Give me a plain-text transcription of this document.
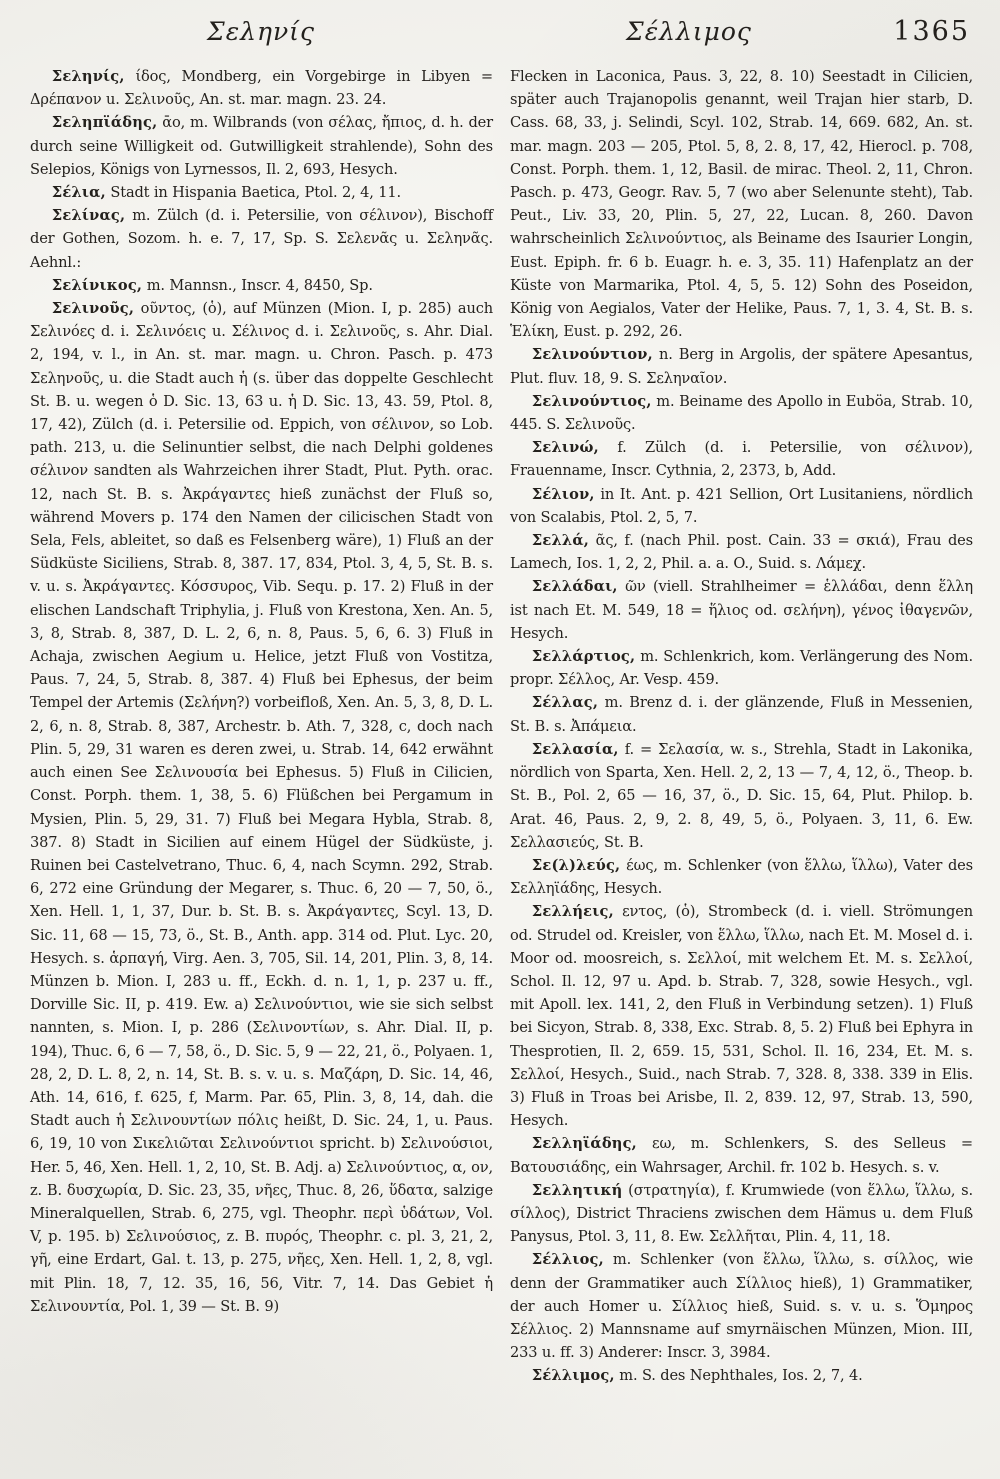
Σεληνίς	Σέλλιμος	1365

Σεληνίς, ίδος, Mondberg, ein Vorgebirge in Libyen = Δρέπανον u. Σελινοῦς, An. st. mar. magn. 23. 24.

Σεληπϊάδης, ᾱο, m. Wilbrands (von σέλας, ἤπιος, d. h. der durch seine Willigkeit od. Gutwilligkeit strahlende), Sohn des Selepios, Königs von Lyrnessos, Il. 2, 693, Hesych.

Σέλια, Stadt in Hispania Baetica, Ptol. 2, 4, 11.

Σελίνας, m. Zülch (d. i. Petersilie, von σέλινον), Bischoff der Gothen, Sozom. h. e. 7, 17, Sp. S. Σελενᾶς u. Σεληνᾶς. Aehnl.:

Σελίνικος, m. Mannsn., Inscr. 4, 8450, Sp.

Σελινοῦς, οῦντος, (ὁ), auf Münzen (Mion. I, p. 285) auch Σελινόες d. i. Σελινόεις u. Σέλινος d. i. Σελινοῦς, s. Ahr. Dial. 2, 194, v. l., in An. st. mar. magn. u. Chron. Pasch. p. 473 Σεληνοῦς, u. die Stadt auch ἡ (s. über das doppelte Geschlecht St. B. u. wegen ὁ D. Sic. 13, 63 u. ἡ D. Sic. 13, 43. 59, Ptol. 8, 17, 42), Zülch (d. i. Petersilie od. Eppich, von σέλινον, so Lob. path. 213, u. die Selinuntier selbst, die nach Delphi goldenes σέλινον sandten als Wahrzeichen ihrer Stadt, Plut. Pyth. orac. 12, nach St. B. s. Ἀκράγαντες hieß zunächst der Fluß so, während Movers p. 174 den Namen der cilicischen Stadt von Sela, Fels, ableitet, so daß es Felsenberg wäre), 1) Fluß an der Südküste Siciliens, Strab. 8, 387. 17, 834, Ptol. 3, 4, 5, St. B. s. v. u. s. Ἀκράγαντες. Κόσσυρος, Vib. Sequ. p. 17. 2) Fluß in der elischen Landschaft Triphylia, j. Fluß von Krestona, Xen. An. 5, 3, 8, Strab. 8, 387, D. L. 2, 6, n. 8, Paus. 5, 6, 6. 3) Fluß in Achaja, zwischen Aegium u. Helice, jetzt Fluß von Vostitza, Paus. 7, 24, 5, Strab. 8, 387. 4) Fluß bei Ephesus, der beim Tempel der Artemis (Σελήνη?) vorbeifloß, Xen. An. 5, 3, 8, D. L. 2, 6, n. 8, Strab. 8, 387, Archestr. b. Ath. 7, 328, c, doch nach Plin. 5, 29, 31 waren es deren zwei, u. Strab. 14, 642 erwähnt auch einen See Σελινουσία bei Ephesus. 5) Fluß in Cilicien, Const. Porph. them. 1, 38, 5. 6) Flüßchen bei Pergamum in Mysien, Plin. 5, 29, 31. 7) Fluß bei Megara Hybla, Strab. 8, 387. 8) Stadt in Sicilien auf einem Hügel der Südküste, j. Ruinen bei Castelvetrano, Thuc. 6, 4, nach Scymn. 292, Strab. 6, 272 eine Gründung der Megarer, s. Thuc. 6, 20 — 7, 50, ö., Xen. Hell. 1, 1, 37, Dur. b. St. B. s. Ἀκράγαντες, Scyl. 13, D. Sic. 11, 68 — 15, 73, ö., St. B., Anth. app. 314 od. Plut. Lyc. 20, Hesych. s. ἁρπαγή, Virg. Aen. 3, 705, Sil. 14, 201, Plin. 3, 8, 14. Münzen b. Mion. I, 283 u. ff., Eckh. d. n. 1, 1, p. 237 u. ff., Dorville Sic. II, p. 419. Ew. a) Σελινούντιοι, wie sie sich selbst nannten, s. Mion. I, p. 286 (Σελινοντίων, s. Ahr. Dial. II, p. 194), Thuc. 6, 6 — 7, 58, ö., D. Sic. 5, 9 — 22, 21, ö., Polyaen. 1, 28, 2, D. L. 8, 2, n. 14, St. B. s. v. u. s. Μαζάρη, D. Sic. 14, 46, Ath. 14, 616, f. 625, f, Marm. Par. 65, Plin. 3, 8, 14, dah. die Stadt auch ἡ Σελινουντίων πόλις heißt, D. Sic. 24, 1, u. Paus. 6, 19, 10 von Σικελιῶται Σελινούντιοι spricht. b) Σελινούσιοι, Her. 5, 46, Xen. Hell. 1, 2, 10, St. B. Adj. a) Σελινούντιος, α, ον, z. B. δυσχωρία, D. Sic. 23, 35, νῆες, Thuc. 8, 26, ὕδατα, salzige Mineralquellen, Strab. 6, 275, vgl. Theophr. περὶ ὑδάτων, Vol. V, p. 195. b) Σελινούσιος, z. B. πυρός, Theophr. c. pl. 3, 21, 2, γῆ, eine Erdart, Gal. t. 13, p. 275, νῆες, Xen. Hell. 1, 2, 8, vgl. mit Plin. 18, 7, 12. 35, 16, 56, Vitr. 7, 14. Das Gebiet ἡ Σελινουντία, Pol. 1, 39 — St. B. 9)

Flecken in Laconica, Paus. 3, 22, 8. 10) Seestadt in Cilicien, später auch Trajanopolis genannt, weil Trajan hier starb, D. Cass. 68, 33, j. Selindi, Scyl. 102, Strab. 14, 669. 682, An. st. mar. magn. 203 — 205, Ptol. 5, 8, 2. 8, 17, 42, Hierocl. p. 708, Const. Porph. them. 1, 12, Basil. de mirac. Theol. 2, 11, Chron. Pasch. p. 473, Geogr. Rav. 5, 7 (wo aber Selenunte steht), Tab. Peut., Liv. 33, 20, Plin. 5, 27, 22, Lucan. 8, 260. Davon wahrscheinlich Σελινούντιος, als Beiname des Isaurier Longin, Eust. Epiph. fr. 6 b. Euagr. h. e. 3, 35. 11) Hafenplatz an der Küste von Marmarika, Ptol. 4, 5, 5. 12) Sohn des Poseidon, König von Aegialos, Vater der Helike, Paus. 7, 1, 3. 4, St. B. s. Ἑλίκη, Eust. p. 292, 26.

Σελινούντιον, n. Berg in Argolis, der spätere Apesantus, Plut. fluv. 18, 9. S. Σεληναῖον.

Σελινούντιος, m. Beiname des Apollo in Euböa, Strab. 10, 445. S. Σελινοῦς.

Σελινώ, f. Zülch (d. i. Petersilie, von σέλινον), Frauenname, Inscr. Cythnia, 2, 2373, b, Add.

Σέλιον, in It. Ant. p. 421 Sellion, Ort Lusitaniens, nördlich von Scalabis, Ptol. 2, 5, 7.

Σελλά, ᾶς, f. (nach Phil. post. Cain. 33 = σκιά), Frau des Lamech, Ios. 1, 2, 2, Phil. a. a. O., Suid. s. Λάμεχ.

Σελλάδαι, ῶν (viell. Strahlheimer = ἑλλάδαι, denn ἕλλη ist nach Et. M. 549, 18 = ἥλιος od. σελήνη), γένος ἰθαγενῶν, Hesych.

Σελλάρτιος, m. Schlenkrich, kom. Verlängerung des Nom. propr. Σέλλος, Ar. Vesp. 459.

Σέλλας, m. Brenz d. i. der glänzende, Fluß in Messenien, St. B. s. Ἀπάμεια.

Σελλασία, f. = Σελασία, w. s., Strehla, Stadt in Lakonika, nördlich von Sparta, Xen. Hell. 2, 2, 13 — 7, 4, 12, ö., Theop. b. St. B., Pol. 2, 65 — 16, 37, ö., D. Sic. 15, 64, Plut. Philop. b. Arat. 46, Paus. 2, 9, 2. 8, 49, 5, ö., Polyaen. 3, 11, 6. Ew. Σελλασιεύς, St. B.

Σε(λ)λεύς, έως, m. Schlenker (von ἕλλω, ἵλλω), Vater des Σελληϊάδης, Hesych.

Σελλήεις, εντος, (ὁ), Strombeck (d. i. viell. Strömungen od. Strudel od. Kreisler, von ἕλλω, ἵλλω, nach Et. M. Mosel d. i. Moor od. moosreich, s. Σελλοί, mit welchem Et. M. s. Σελλοί, Schol. Il. 12, 97 u. Apd. b. Strab. 7, 328, sowie Hesych., vgl. mit Apoll. lex. 141, 2, den Fluß in Verbindung setzen). 1) Fluß bei Sicyon, Strab. 8, 338, Exc. Strab. 8, 5. 2) Fluß bei Ephyra in Thesprotien, Il. 2, 659. 15, 531, Schol. Il. 16, 234, Et. M. s. Σελλοί, Hesych., Suid., nach Strab. 7, 328. 8, 338. 339 in Elis. 3) Fluß in Troas bei Arisbe, Il. 2, 839. 12, 97, Strab. 13, 590, Hesych.

Σελληϊάδης, εω, m. Schlenkers, S. des Selleus = Βατουσιάδης, ein Wahrsager, Archil. fr. 102 b. Hesych. s. v.

Σελλητική (στρατηγία), f. Krumwiede (von ἕλλω, ἵλλω, s. σίλλος), District Thraciens zwischen dem Hämus u. dem Fluß Panysus, Ptol. 3, 11, 8. Ew. Σελλῆται, Plin. 4, 11, 18.

Σέλλιος, m. Schlenker (von ἕλλω, ἵλλω, s. σίλλος, wie denn der Grammatiker auch Σίλλιος hieß), 1) Grammatiker, der auch Homer u. Σίλλιος hieß, Suid. s. v. u. s. Ὅμηρος Σέλλιος. 2) Mannsname auf smyrnäischen Münzen, Mion. III, 233 u. ff. 3) Anderer: Inscr. 3, 3984.

Σέλλιμος, m. S. des Nephthales, Ios. 2, 7, 4.
